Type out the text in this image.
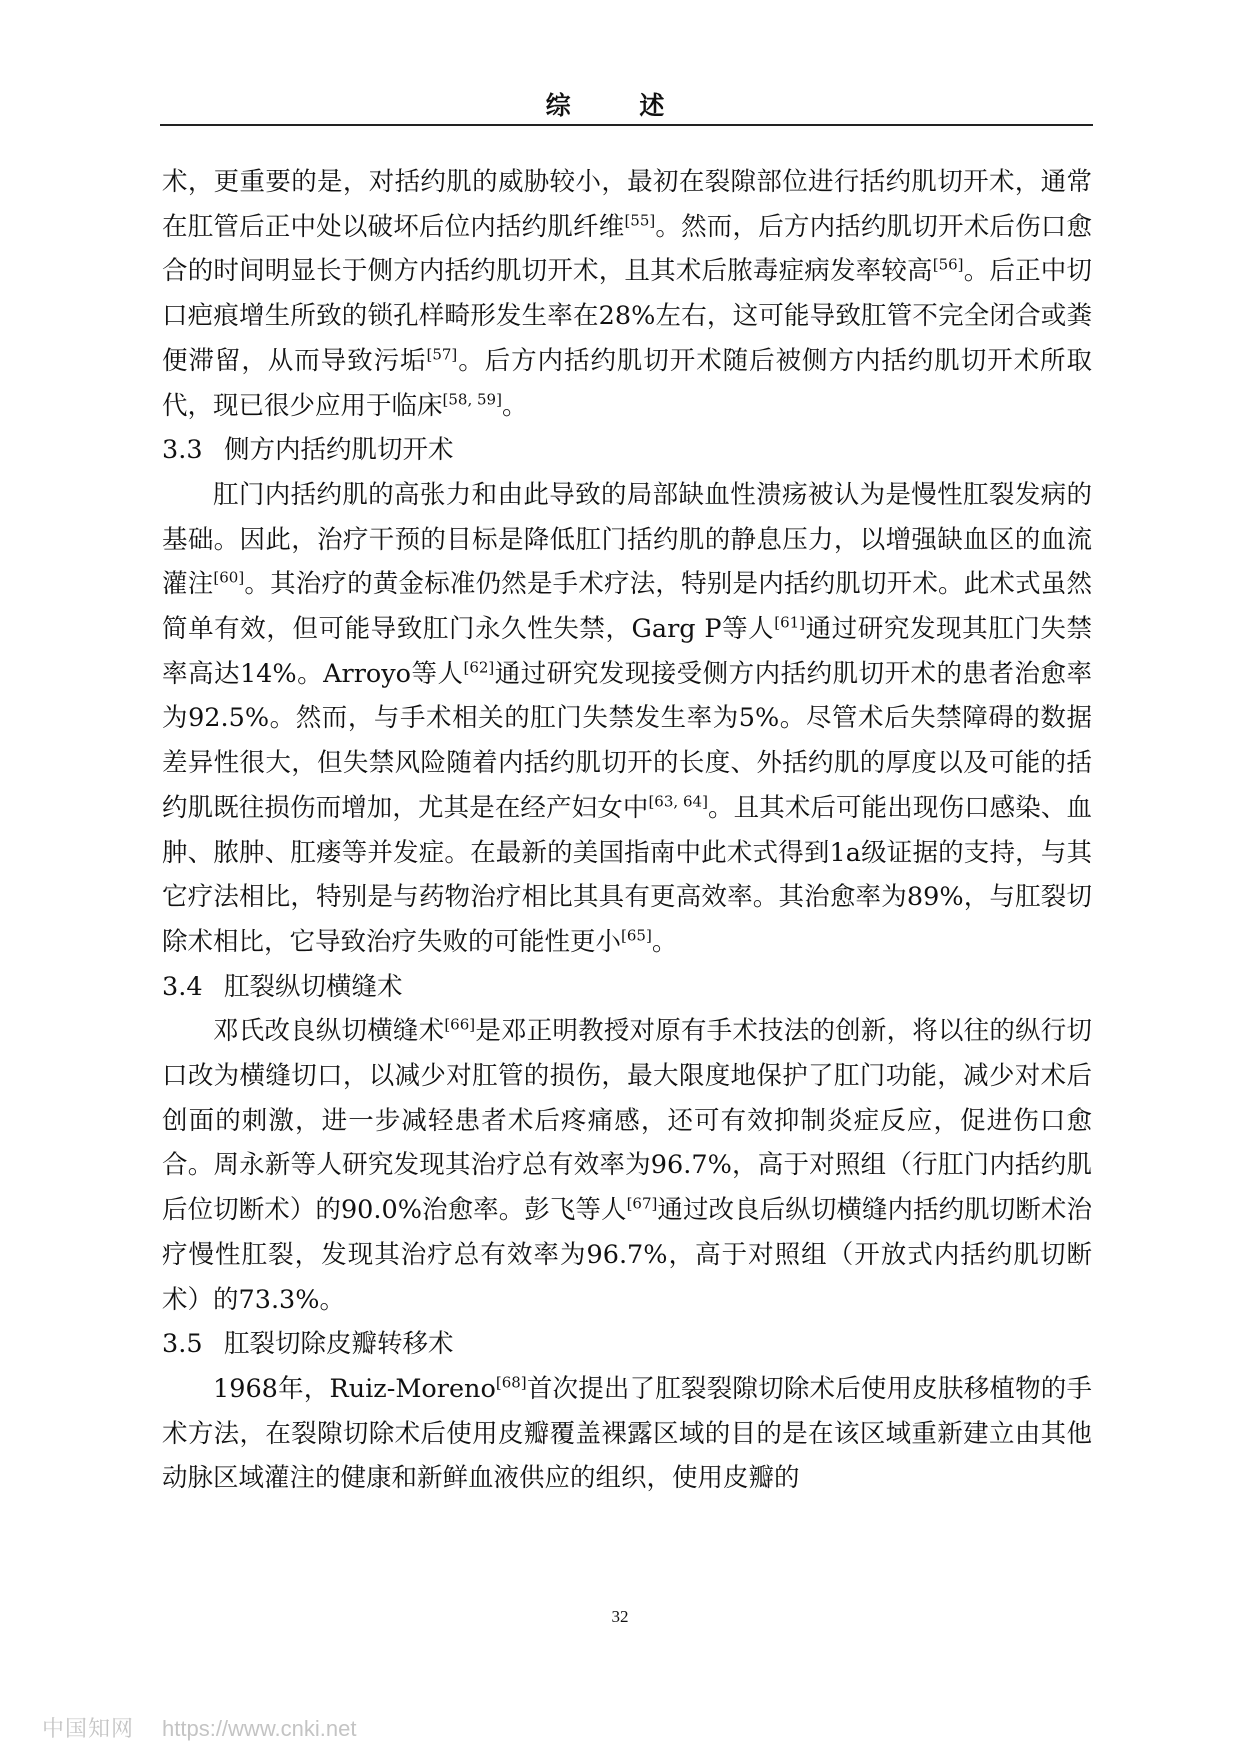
综 述

术，更重要的是，对括约肌的威胁较小，最初在裂隙部位进行括约肌切开术，通常在肛管后正中处以破坏后位内括约肌纤维[55]。然而，后方内括约肌切开术后伤口愈合的时间明显长于侧方内括约肌切开术，且其术后脓毒症病发率较高[56]。后正中切口疤痕增生所致的锁孔样畸形发生率在28%左右，这可能导致肛管不完全闭合或粪便滞留，从而导致污垢[57]。后方内括约肌切开术随后被侧方内括约肌切开术所取代，现已很少应用于临床[58, 59]。

3.3 侧方内括约肌切开术

肛门内括约肌的高张力和由此导致的局部缺血性溃疡被认为是慢性肛裂发病的基础。因此，治疗干预的目标是降低肛门括约肌的静息压力，以增强缺血区的血流灌注[60]。其治疗的黄金标准仍然是手术疗法，特别是内括约肌切开术。此术式虽然简单有效，但可能导致肛门永久性失禁，Garg P等人[61]通过研究发现其肛门失禁率高达14%。Arroyo等人[62]通过研究发现接受侧方内括约肌切开术的患者治愈率为92.5%。然而，与手术相关的肛门失禁发生率为5%。尽管术后失禁障碍的数据差异性很大，但失禁风险随着内括约肌切开的长度、外括约肌的厚度以及可能的括约肌既往损伤而增加，尤其是在经产妇女中[63, 64]。且其术后可能出现伤口感染、血肿、脓肿、肛瘘等并发症。在最新的美国指南中此术式得到1a级证据的支持，与其它疗法相比，特别是与药物治疗相比其具有更高效率。其治愈率为89%，与肛裂切除术相比，它导致治疗失败的可能性更小[65]。

3.4 肛裂纵切横缝术

邓氏改良纵切横缝术[66]是邓正明教授对原有手术技法的创新，将以往的纵行切口改为横缝切口，以减少对肛管的损伤，最大限度地保护了肛门功能，减少对术后创面的刺激，进一步减轻患者术后疼痛感，还可有效抑制炎症反应，促进伤口愈合。周永新等人研究发现其治疗总有效率为96.7%，高于对照组（行肛门内括约肌后位切断术）的90.0%治愈率。彭飞等人[67]通过改良后纵切横缝内括约肌切断术治疗慢性肛裂，发现其治疗总有效率为96.7%，高于对照组（开放式内括约肌切断术）的73.3%。

3.5 肛裂切除皮瓣转移术

1968年，Ruiz-Moreno[68]首次提出了肛裂裂隙切除术后使用皮肤移植物的手术方法，在裂隙切除术后使用皮瓣覆盖裸露区域的目的是在该区域重新建立由其他动脉区域灌注的健康和新鲜血液供应的组织，使用皮瓣的

32
中国知网 https://www.cnki.net
